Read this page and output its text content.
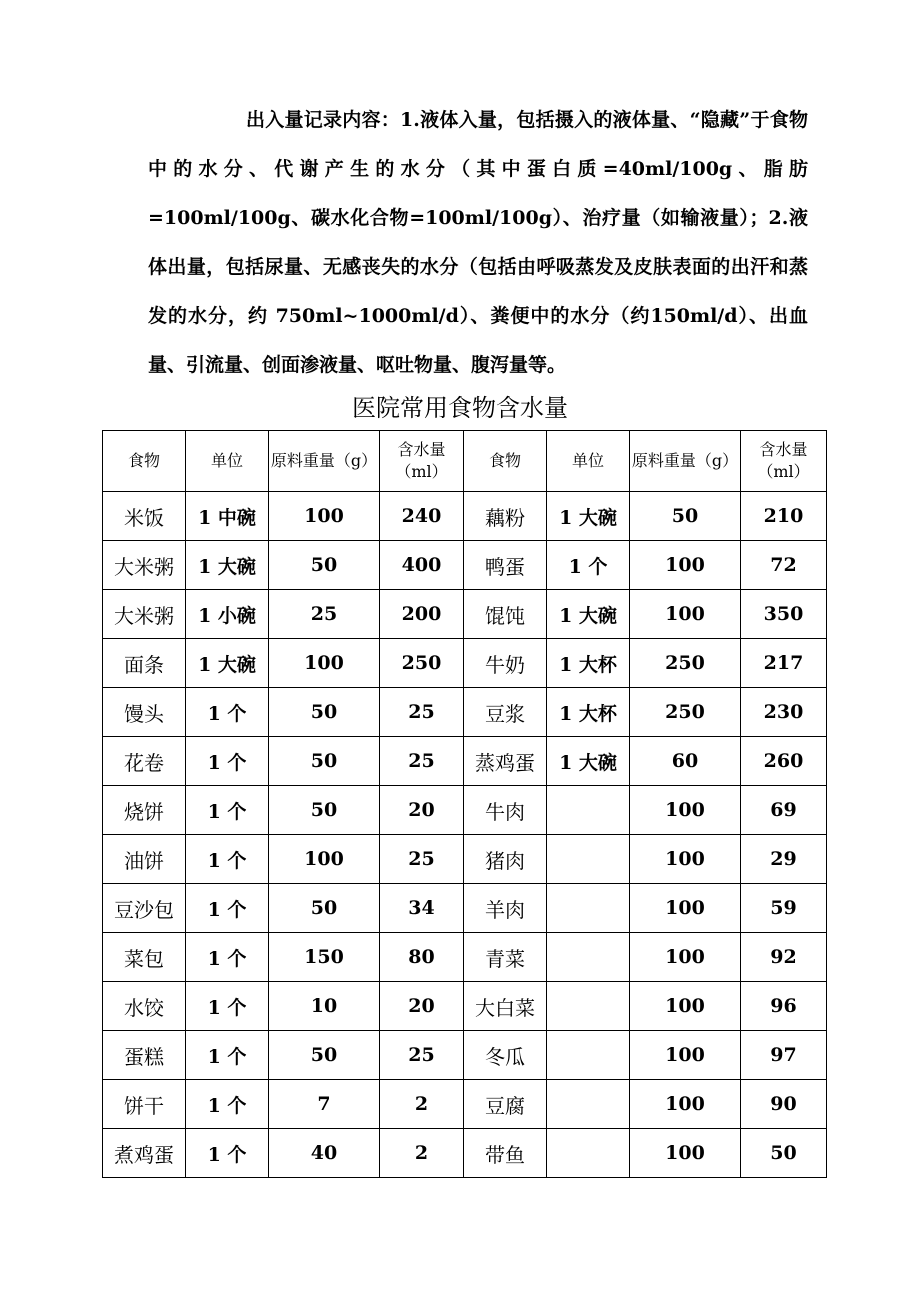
出入量记录内容：1.液体入量，包括摄入的液体量、“隐藏”于食物中的水分、代谢产生的水分（其中蛋白质=40ml/100g、脂肪=100ml/100g、碳水化合物=100ml/100g）、治疗量（如输液量）；2.液体出量，包括尿量、无感丧失的水分（包括由呼吸蒸发及皮肤表面的出汗和蒸发的水分，约 750ml~1000ml/d）、粪便中的水分（约150ml/d）、出血量、引流量、创面渗液量、呕吐物量、腹泻量等。

医院常用食物含水量
食物	单位	原料重量（g）	含水量（ml）	食物	单位	原料重量（g）	含水量（ml）
米饭	1 中碗	100	240	藕粉	1 大碗	50	210
大米粥	1 大碗	50	400	鸭蛋	1 个	100	72
大米粥	1 小碗	25	200	馄饨	1 大碗	100	350
面条	1 大碗	100	250	牛奶	1 大杯	250	217
馒头	1 个	50	25	豆浆	1 大杯	250	230
花卷	1 个	50	25	蒸鸡蛋	1 大碗	60	260
烧饼	1 个	50	20	牛肉		100	69
油饼	1 个	100	25	猪肉		100	29
豆沙包	1 个	50	34	羊肉		100	59
菜包	1 个	150	80	青菜		100	92
水饺	1 个	10	20	大白菜		100	96
蛋糕	1 个	50	25	冬瓜		100	97
饼干	1 个	7	2	豆腐		100	90
煮鸡蛋	1 个	40	2	带鱼		100	50
